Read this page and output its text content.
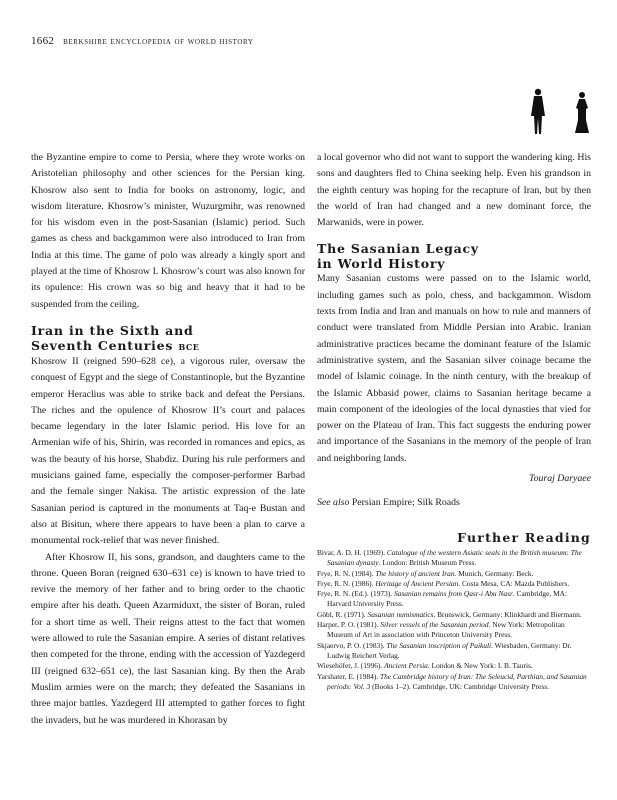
1662 berkshire encyclopedia of world history

the Byzantine empire to come to Persia, where they wrote works on Aristotelian philosophy and other sciences for the Persian king. Khosrow also sent to India for books on astronomy, logic, and wisdom literature. Khosrow’s minister, Wuzurgmihr, was renowned for his wisdom even in the post-Sasanian (Islamic) period. Such games as chess and backgammon were also introduced to Iran from India at this time. The game of polo was already a kingly sport and played at the time of Khosrow I. Khosrow’s court was also known for its opulence: His crown was so big and heavy that it had to be suspended from the ceiling.

Iran in the Sixth and
Seventh Centuries bce

Khosrow II (reigned 590–628 ce), a vigorous ruler, oversaw the conquest of Egypt and the siege of Constantinople, but the Byzantine emperor Heraclius was able to strike back and defeat the Persians. The riches and the opulence of Khosrow II’s court and palaces became legendary in the later Islamic period. His love for an Armenian wife of his, Shirin, was recorded in romances and epics, as was the beauty of his horse, Shabdiz. During his rule performers and musicians gained fame, especially the composer-performer Barbad and the female singer Nakisa. The artistic expression of the late Sasanian period is captured in the monuments at Taq-e Bustan and also at Bisitun, where there appears to have been a plan to carve a monumental rock-relief that was never finished.

After Khosrow II, his sons, grandson, and daughters came to the throne. Queen Boran (reigned 630–631 ce) is known to have tried to revive the memory of her father and to bring order to the chaotic empire after his death. Queen Azarmiduxt, the sister of Boran, ruled for a short time as well. Their reigns attest to the fact that women were allowed to rule the Sasanian empire. A series of distant relatives then competed for the throne, ending with the accession of Yazdegerd III (reigned 632–651 ce), the last Sasanian king. By then the Arab Muslim armies were on the march; they defeated the Sasanians in three major battles. Yazdegerd III attempted to gather forces to fight the invaders, but he was murdered in Khorasan by

a local governor who did not want to support the wandering king. His sons and daughters fled to China seeking help. Even his grandson in the eighth century was hoping for the recapture of Iran, but by then the world of Iran had changed and a new dominant force, the Marwanids, were in power.

The Sasanian Legacy
in World History

Many Sasanian customs were passed on to the Islamic world, including games such as polo, chess, and backgammon. Wisdom texts from India and Iran and manuals on how to rule and manners of conduct were translated from Middle Persian into Arabic. Iranian administrative practices became the dominant feature of the Islamic administrative system, and the Sasanian silver coinage became the model of Islamic coinage. In the ninth century, with the breakup of the Islamic Abbasid power, claims to Sasanian heritage became a main component of the ideologies of the local dynasties that vied for power on the Plateau of Iran. This fact suggests the enduring power and importance of the Sasanians in the memory of the people of Iran and neighboring lands.

Touraj Daryaee

See also Persian Empire; Silk Roads

Further Reading
Bivar, A. D. H. (1969). Catalogue of the western Asiatic seals in the British museum: The Sasanian dynasty. London: British Museum Press.
Frye, R. N. (1984). The history of ancient Iran. Munich, Germany: Beck.
Frye, R. N. (1986). Heritage of Ancient Persian. Costa Mesa, CA: Mazda Publishers.
Frye, R. N. (Ed.). (1973). Sasanian remains from Qasr-i Abu Nasr. Cambridge, MA: Harvard University Press.
Göbl, R. (1971). Sasanian numismatics. Brunswick, Germany: Klinkhardt and Biermann.
Harper, P. O. (1981). Silver vessels of the Sasanian period. New York: Metropolitan Museum of Art in association with Princeton University Press.
Skjaervo, P. O. (1983). The Sasanian inscription of Paikuli. Wiesbaden, Germany: Dr. Ludwig Reichert Verlag.
Wiesehöfer, J. (1996). Ancient Persia. London & New York: I. B. Tauris.
Yarshater, E. (1984). The Cambridge history of Iran: The Seleucid, Parthian, and Sasanian periods: Vol. 3 (Books 1–2). Cambridge, UK: Cambridge University Press.
